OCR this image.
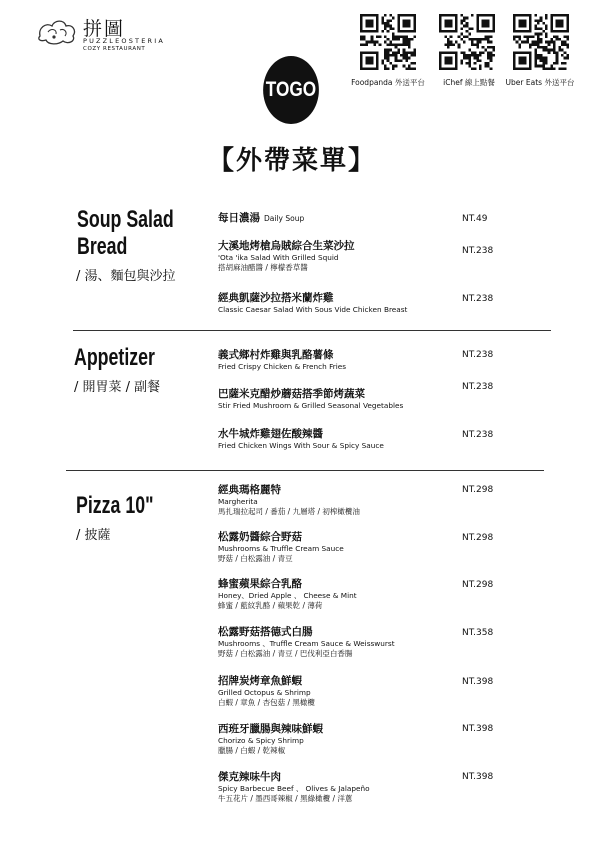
拼圖
PUZZLEOSTERIA
COZY RESTAURANT
Foodpanda 外送平台	iChef 線上點餐	Uber Eats 外送平台
TOGO
【外帶菜單】
Soup Salad
Bread
/ 湯、麵包與沙拉
每日濃湯 Daily Soup	NT.49
大溪地烤槍烏賊綜合生菜沙拉
'Ota 'ika Salad With Grilled Squid
搭胡麻油醋醬 / 檸檬香草醬
NT.238
經典凱薩沙拉搭米蘭炸雞
Classic Caesar Salad With Sous Vide Chicken Breast
NT.238
Appetizer
/ 開胃菜 / 副餐
義式鄉村炸雞與乳酪薯條
Fried Crispy Chicken & French Fries
NT.238
巴薩米克醋炒蘑菇搭季節烤蔬菜
Stir Fried Mushroom & Grilled Seasonal Vegetables
NT.238
水牛城炸雞翅佐酸辣醬
Fried Chicken Wings With Sour & Spicy Sauce
NT.238
Pizza 10"
/ 披薩
經典瑪格麗特
Margherita
馬扎瑞拉起司 / 番茄 / 九層塔 / 初榨橄欖油
NT.298
松露奶醬綜合野菇
Mushrooms & Truffle Cream Sauce
野菇 / 白松露油 / 青豆
NT.298
蜂蜜蘋果綜合乳酪
Honey、Dried Apple 、 Cheese & Mint
蜂蜜 / 藍紋乳酪 / 蘋果乾 / 薄荷
NT.298
松露野菇搭德式白腸
Mushrooms 、Truffle Cream Sauce & Weisswurst
野菇 / 白松露油 / 青豆 / 巴伐利亞白香腸
NT.358
招牌炭烤章魚鮮蝦
Grilled Octopus & Shrimp
白蝦 / 章魚 / 杏包菇 / 黑橄欖
NT.398
西班牙臘腸與辣味鮮蝦
Chorizo & Spicy Shrimp
臘腸 / 白蝦 / 乾辣椒
NT.398
傑克辣味牛肉
Spicy Barbecue Beef 、 Olives & Jalapeño
牛五花片 / 墨西哥辣椒 / 黑綠橄欖 / 洋蔥
NT.398
